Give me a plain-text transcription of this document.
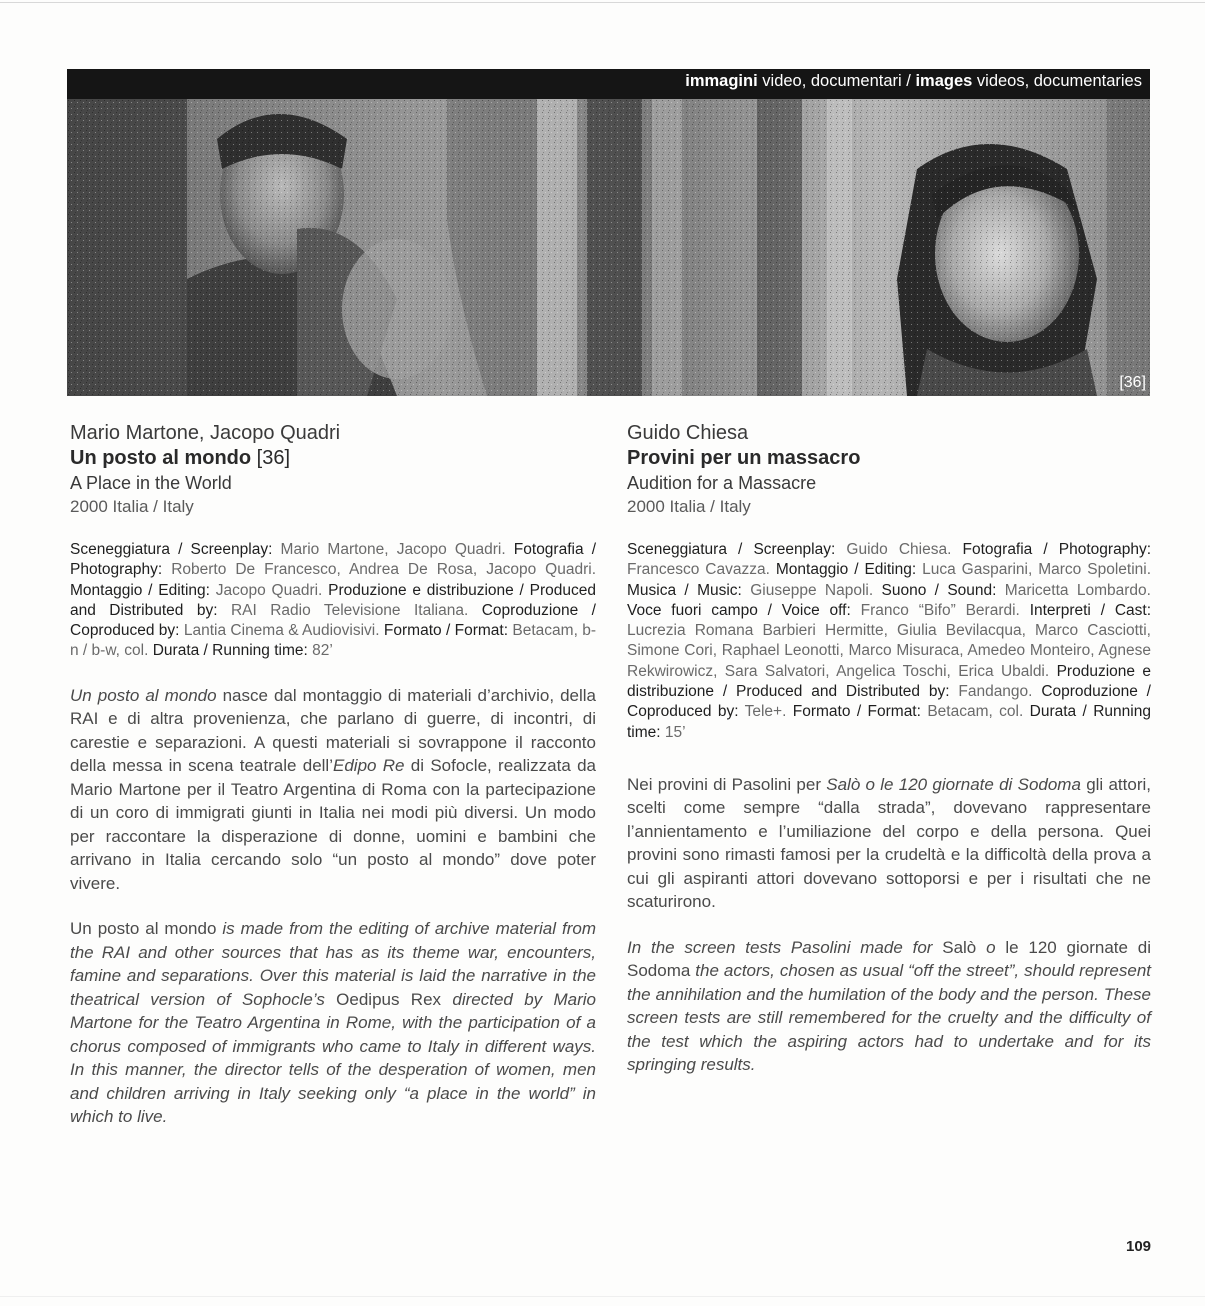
immagini video, documentari / images videos, documentaries
[36]
Mario Martone, Jacopo Quadri
Un posto al mondo [36]
A Place in the World
2000 Italia / Italy
Sceneggiatura / Screenplay: Mario Martone, Jacopo Quadri. Fotografia / Photography: Roberto De Francesco, Andrea De Rosa, Jacopo Quadri. Montaggio / Editing: Jacopo Quadri. Produzione e distribuzione / Produced and Distributed by: RAI Radio Televisione Italiana. Coproduzione / Coproduced by: Lantia Cinema & Audiovisivi. Formato / Format: Betacam, b-n / b-w, col. Durata / Running time: 82’
Un posto al mondo nasce dal montaggio di materiali d’archivio, della RAI e di altra provenienza, che parlano di guerre, di incontri, di carestie e separazioni. A questi materiali si sovrappone il racconto della messa in scena teatrale dell’Edipo Re di Sofocle, realizzata da Mario Martone per il Teatro Argentina di Roma con la partecipazione di un coro di immigrati giunti in Italia nei modi più diversi. Un modo per raccontare la disperazione di donne, uomini e bambini che arrivano in Italia cercando solo “un posto al mondo” dove poter vivere.
Un posto al mondo is made from the editing of archive material from the RAI and other sources that has as its theme war, encounters, famine and separations. Over this material is laid the narrative in the theatrical version of Sophocle’s Oedipus Rex directed by Mario Martone for the Teatro Argentina in Rome, with the participation of a chorus composed of immigrants who came to Italy in different ways. In this manner, the director tells of the desperation of women, men and children arriving in Italy seeking only “a place in the world” in which to live.
Guido Chiesa
Provini per un massacro
Audition for a Massacre
2000 Italia / Italy
Sceneggiatura / Screenplay: Guido Chiesa. Fotografia / Photography: Francesco Cavazza. Montaggio / Editing: Luca Gasparini, Marco Spoletini. Musica / Music: Giuseppe Napoli. Suono / Sound: Maricetta Lombardo. Voce fuori campo / Voice off: Franco “Bifo” Berardi. Interpreti / Cast: Lucrezia Romana Barbieri Hermitte, Giulia Bevilacqua, Marco Casciotti, Simone Cori, Raphael Leonotti, Marco Misuraca, Amedeo Monteiro, Agnese Rekwirowicz, Sara Salvatori, Angelica Toschi, Erica Ubaldi. Produzione e distribuzione / Produced and Distributed by: Fandango. Coproduzione / Coproduced by: Tele+. Formato / Format: Betacam, col. Durata / Running time: 15’
Nei provini di Pasolini per Salò o le 120 giornate di Sodoma gli attori, scelti come sempre “dalla strada”, dovevano rappresentare l’annientamento e l’umiliazione del corpo e della persona. Quei provini sono rimasti famosi per la crudeltà e la difficoltà della prova a cui gli aspiranti attori dovevano sottoporsi e per i risultati che ne scaturirono.
In the screen tests Pasolini made for Salò o le 120 giornate di Sodoma the actors, chosen as usual “off the street”, should represent the annihilation and the humilation of the body and the person. These screen tests are still remembered for the cruelty and the difficulty of the test which the aspiring actors had to undertake and for its springing results.
109
